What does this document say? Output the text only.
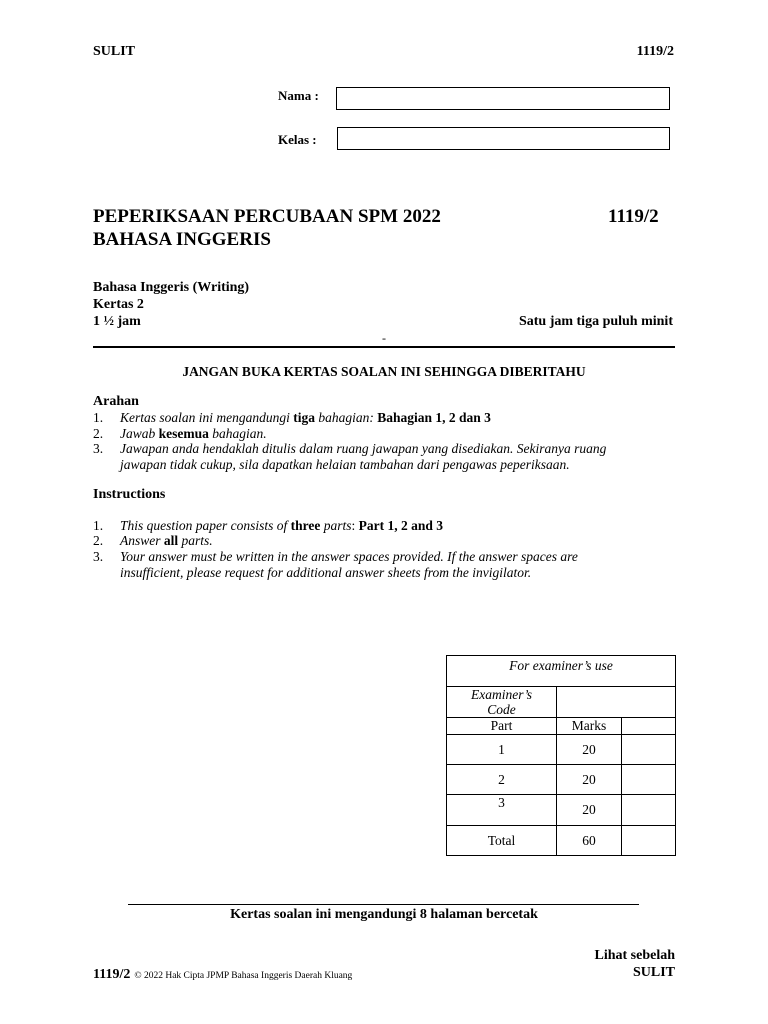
SULIT	1119/2
Nama :
Kelas :
PEPERIKSAAN PERCUBAAN SPM 2022	1119/2
BAHASA INGGERIS
Bahasa Inggeris (Writing)
Kertas 2
1 ½ jam	Satu jam tiga puluh minit
-
JANGAN BUKA KERTAS SOALAN INI SEHINGGA DIBERITAHU
Arahan
1. Kertas soalan ini mengandungi tiga bahagian: Bahagian 1, 2 dan 3
2. Jawab kesemua bahagian.
3. Jawapan anda hendaklah ditulis dalam ruang jawapan yang disediakan. Sekiranya ruang
jawapan tidak cukup, sila dapatkan helaian tambahan dari pengawas peperiksaan.
Instructions
1. This question paper consists of three parts: Part 1, 2 and 3
2. Answer all parts.
3. Your answer must be written in the answer spaces provided. If the answer spaces are
insufficient, please request for additional answer sheets from the invigilator.
For examiner’s use		
Examiner’s
Code		
Part	Marks	
1	20	
2	20	
3	20	
Total	60	
Kertas soalan ini mengandungi 8 halaman bercetak
Lihat sebelah
1119/2 © 2022 Hak Cipta JPMP Bahasa Inggeris Daerah Kluang	SULIT
